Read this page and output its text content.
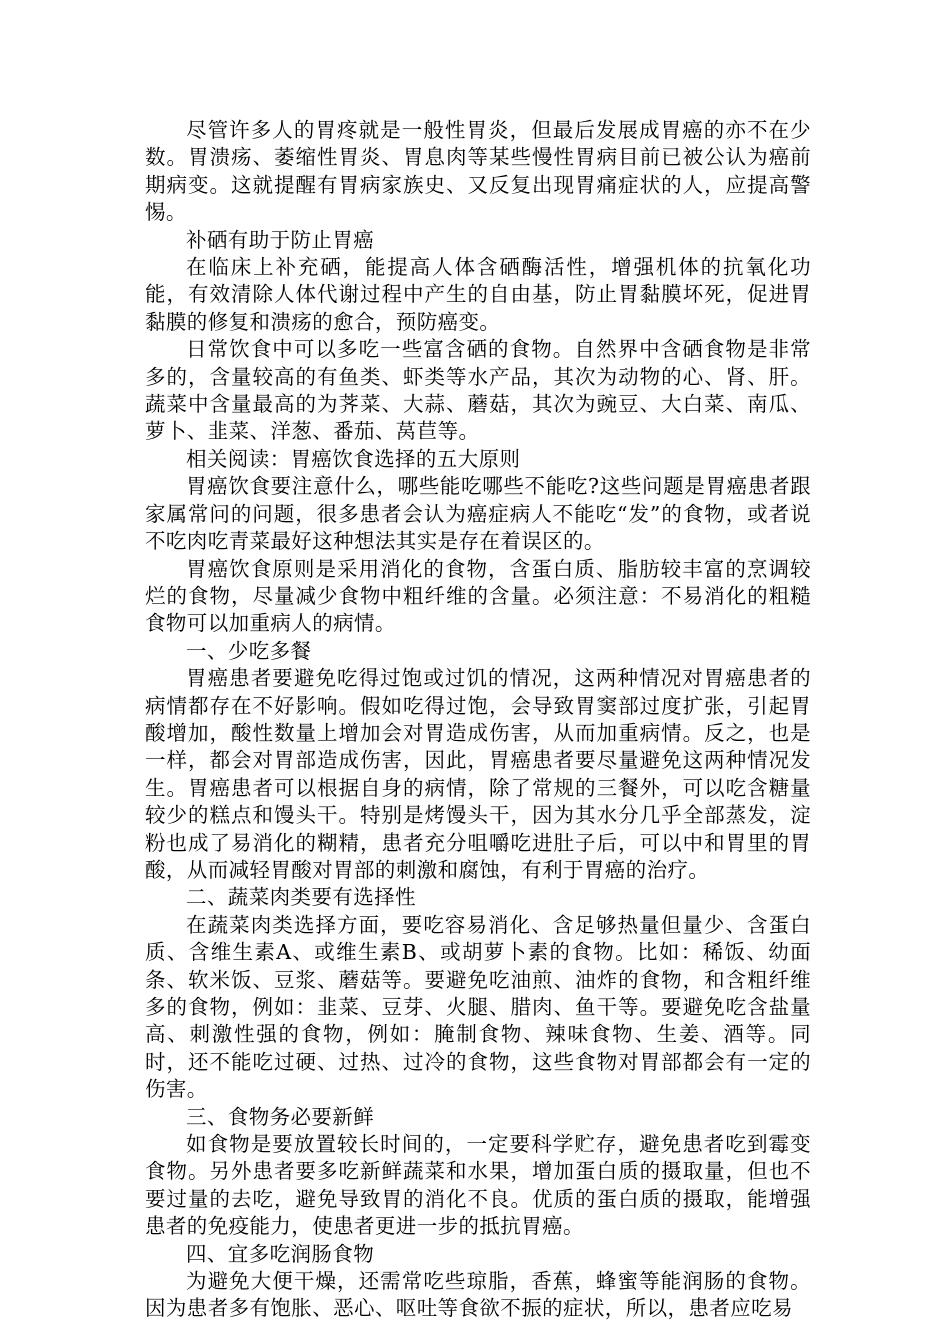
尽管许多人的胃疼就是一般性胃炎，但最后发展成胃癌的亦不在少数。胃溃疡、萎缩性胃炎、胃息肉等某些慢性胃病目前已被公认为癌前期病变。这就提醒有胃病家族史、又反复出现胃痛症状的人，应提高警惕。

补硒有助于防止胃癌

在临床上补充硒，能提高人体含硒酶活性，增强机体的抗氧化功能，有效清除人体代谢过程中产生的自由基，防止胃黏膜坏死，促进胃黏膜的修复和溃疡的愈合，预防癌变。

日常饮食中可以多吃一些富含硒的食物。自然界中含硒食物是非常多的，含量较高的有鱼类、虾类等水产品，其次为动物的心、肾、肝。蔬菜中含量最高的为荠菜、大蒜、蘑菇，其次为豌豆、大白菜、南瓜、萝卜、韭菜、洋葱、番茄、莴苣等。

相关阅读：胃癌饮食选择的五大原则

胃癌饮食要注意什么，哪些能吃哪些不能吃?这些问题是胃癌患者跟家属常问的问题，很多患者会认为癌症病人不能吃“发”的食物，或者说不吃肉吃青菜最好这种想法其实是存在着误区的。

胃癌饮食原则是采用消化的食物，含蛋白质、脂肪较丰富的烹调较烂的食物，尽量减少食物中粗纤维的含量。必须注意：不易消化的粗糙食物可以加重病人的病情。

一、少吃多餐

胃癌患者要避免吃得过饱或过饥的情况，这两种情况对胃癌患者的病情都存在不好影响。假如吃得过饱，会导致胃窦部过度扩张，引起胃酸增加，酸性数量上增加会对胃造成伤害，从而加重病情。反之，也是一样，都会对胃部造成伤害，因此，胃癌患者要尽量避免这两种情况发生。胃癌患者可以根据自身的病情，除了常规的三餐外，可以吃含糖量较少的糕点和馒头干。特别是烤馒头干，因为其水分几乎全部蒸发，淀粉也成了易消化的糊精，患者充分咀嚼吃进肚子后，可以中和胃里的胃酸，从而减轻胃酸对胃部的刺激和腐蚀，有利于胃癌的治疗。

二、蔬菜肉类要有选择性

在蔬菜肉类选择方面，要吃容易消化、含足够热量但量少、含蛋白质、含维生素A、或维生素B、或胡萝卜素的食物。比如：稀饭、幼面条、软米饭、豆浆、蘑菇等。要避免吃油煎、油炸的食物，和含粗纤维多的食物，例如：韭菜、豆芽、火腿、腊肉、鱼干等。要避免吃含盐量高、刺激性强的食物，例如：腌制食物、辣味食物、生姜、酒等。同时，还不能吃过硬、过热、过冷的食物，这些食物对胃部都会有一定的伤害。

三、食物务必要新鲜

如食物是要放置较长时间的，一定要科学贮存，避免患者吃到霉变食物。另外患者要多吃新鲜蔬菜和水果，增加蛋白质的摄取量，但也不要过量的去吃，避免导致胃的消化不良。优质的蛋白质的摄取，能增强患者的免疫能力，使患者更进一步的抵抗胃癌。

四、宜多吃润肠食物

为避免大便干燥，还需常吃些琼脂，香蕉，蜂蜜等能润肠的食物。因为患者多有饱胀、恶心、呕吐等食欲不振的症状，所以，患者应吃易
